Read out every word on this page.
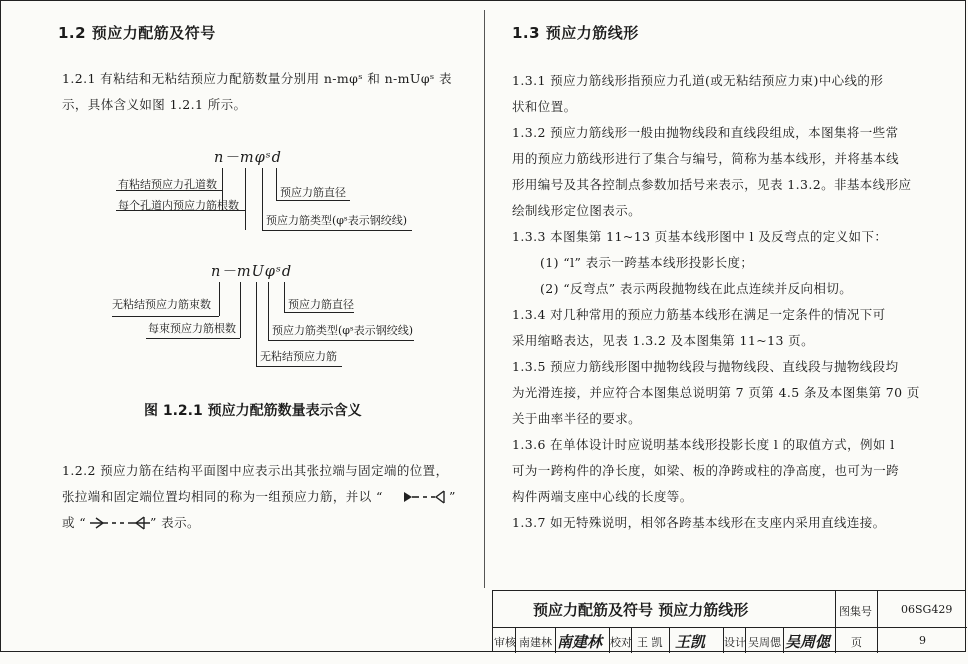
1.2 预应力配筋及符号
1.2.1 有粘结和无粘结预应力配筋数量分别用 n-mφˢ 和 n-mUφˢ 表
示，具体含义如图 1.2.1 所示。
n－mφˢd
有粘结预应力孔道数
每个孔道内预应力筋根数
预应力筋直径
预应力筋类型(φˢ表示钢绞线)
n－mUφˢd
无粘结预应力筋束数
每束预应力筋根数
预应力筋直径
预应力筋类型(φˢ表示钢绞线)
无粘结预应力筋
图 1.2.1 预应力配筋数量表示含义
1.2.2 预应力筋在结构平面图中应表示出其张拉端与固定端的位置，
张拉端和固定端位置均相同的称为一组预应力筋，并以 “	”
或 “	” 表示。
1.3 预应力筋线形
1.3.1 预应力筋线形指预应力孔道(或无粘结预应力束)中心线的形
状和位置。
1.3.2 预应力筋线形一般由抛物线段和直线段组成，本图集将一些常
用的预应力筋线形进行了集合与编号，简称为基本线形，并将基本线
形用编号及其各控制点参数加括号来表示，见表 1.3.2。非基本线形应
绘制线形定位图表示。
1.3.3 本图集第 11~13 页基本线形图中 l 及反弯点的定义如下：
(1) “l” 表示一跨基本线形投影长度；
(2) “反弯点” 表示两段抛物线在此点连续并反向相切。
1.3.4 对几种常用的预应力筋基本线形在满足一定条件的情况下可
采用缩略表达，见表 1.3.2 及本图集第 11~13 页。
1.3.5 预应力筋线形图中抛物线段与抛物线段、直线段与抛物线段均
为光滑连接，并应符合本图集总说明第 7 页第 4.5 条及本图集第 70 页
关于曲率半径的要求。
1.3.6 在单体设计时应说明基本线形投影长度 l 的取值方式，例如 l
可为一跨构件的净长度，如梁、板的净跨或柱的净高度，也可为一跨
构件两端支座中心线的长度等。
1.3.7 如无特殊说明，相邻各跨基本线形在支座内采用直线连接。
预应力配筋及符号 预应力筋线形	图集号	06SG429
审核 南建林 南建林 校对 王 凯 王凯 设计 吴周偲 吴周偲 页	9
